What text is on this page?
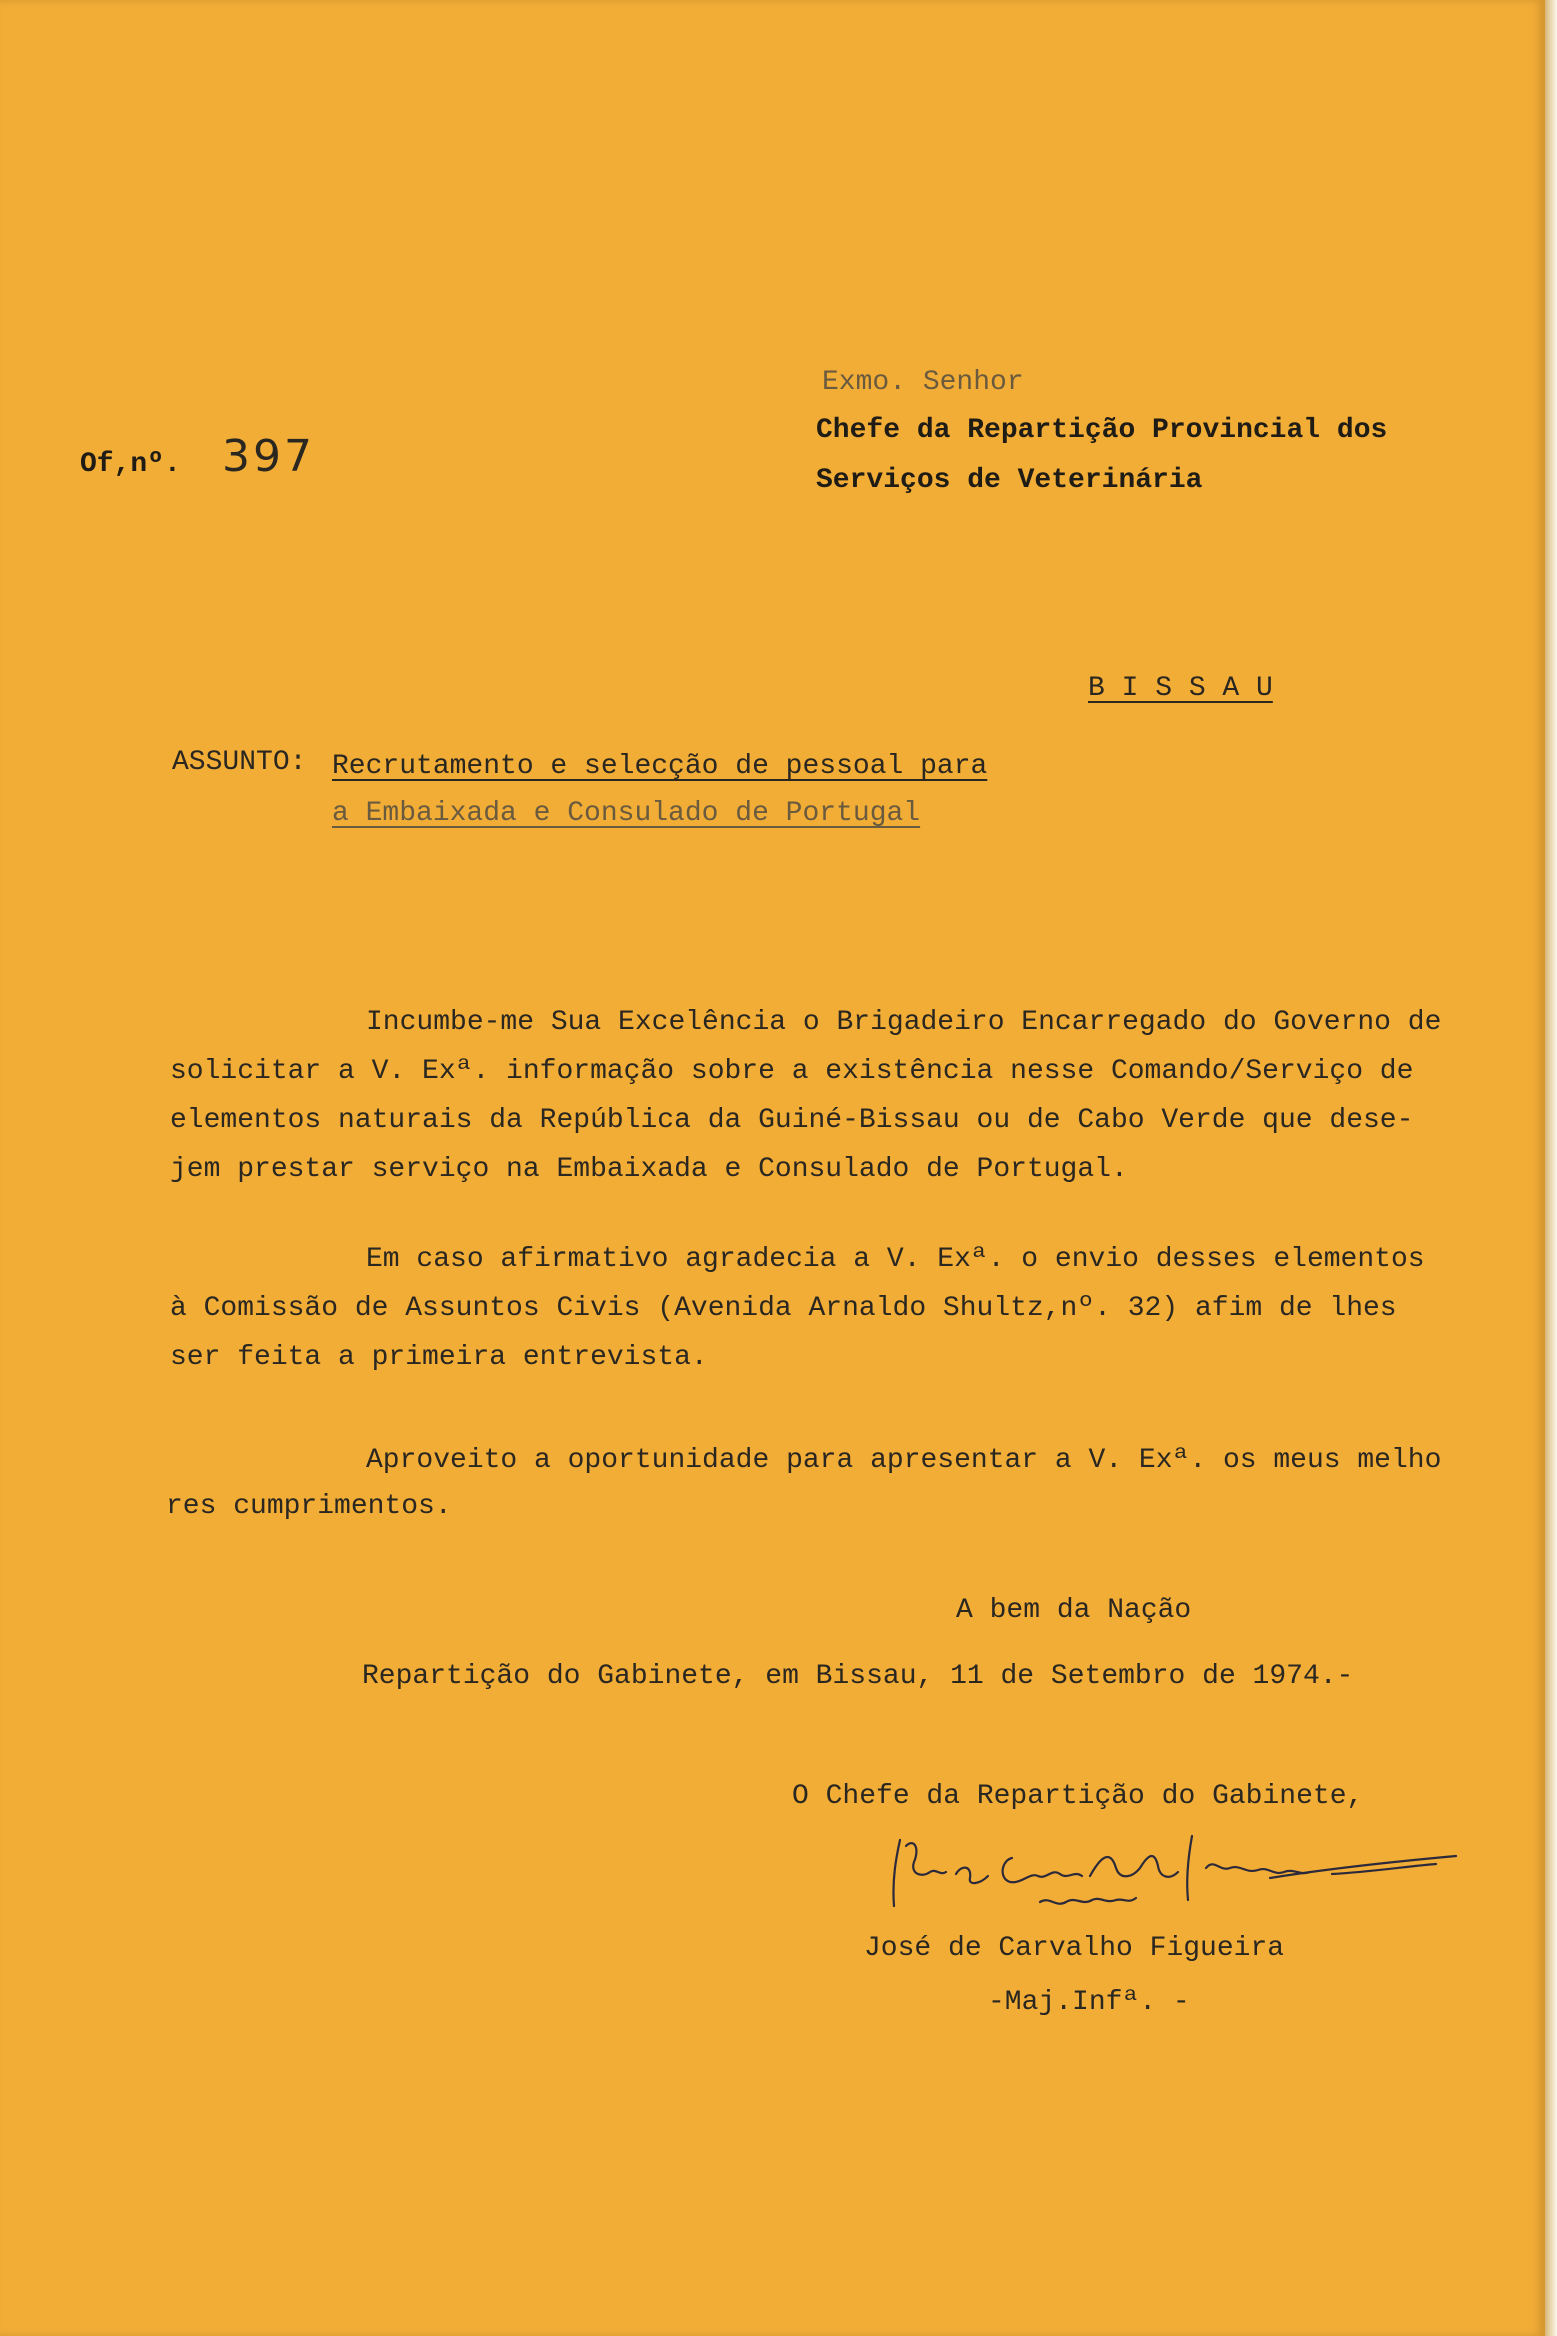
Of,nº. 397
Exmo. Senhor
Chefe da Repartição Provincial dos
Serviços de Veterinária
B I S S A U
ASSUNTO: Recrutamento e selecção de pessoal para
a Embaixada e Consulado de Portugal
Incumbe-me Sua Excelência o Brigadeiro Encarregado do Governo de
solicitar a V. Exª. informação sobre a existência nesse Comando/Serviço de
elementos naturais da República da Guiné-Bissau ou de Cabo Verde que dese-
jem prestar serviço na Embaixada e Consulado de Portugal.
Em caso afirmativo agradecia a V. Exª. o envio desses elementos
à Comissão de Assuntos Civis (Avenida Arnaldo Shultz,nº. 32) afim de lhes
ser feita a primeira entrevista.
Aproveito a oportunidade para apresentar a V. Exª. os meus melho
res cumprimentos.
A bem da Nação
Repartição do Gabinete, em Bissau, 11 de Setembro de 1974.-
O Chefe da Repartição do Gabinete,
José de Carvalho Figueira
-Maj.Infª. -
